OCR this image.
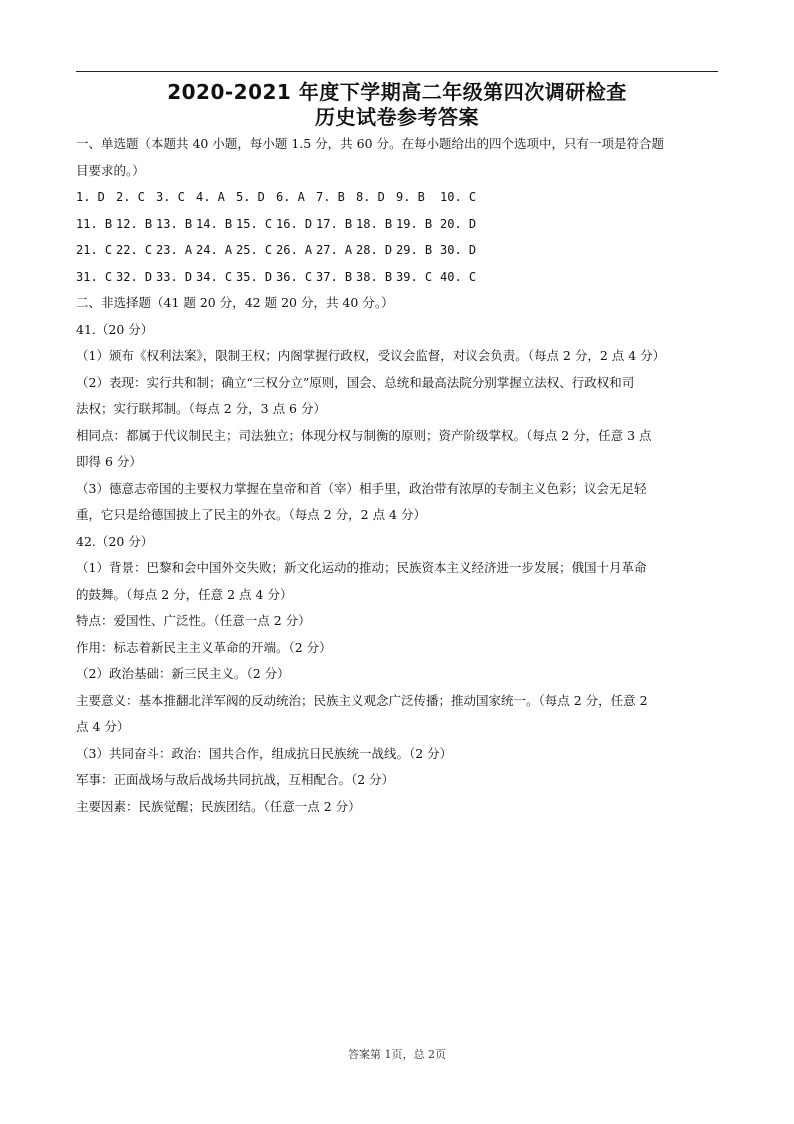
2020-2021 年度下学期高二年级第四次调研检查
历史试卷参考答案
一、单选题（本题共 40 小题，每小题 1.5 分，共 60 分。在每小题给出的四个选项中，只有一项是符合题
目要求的。）
1. D 2. C 3. C 4. A 5. D 6. A 7. B 8. D 9. B	10. C
11. B 12. B 13. B 14. B 15. C 16. D 17. B 18. B 19. B 20. D
21. C 22. C 23. A 24. A 25. C 26. A 27. A 28. D 29. B 30. D
31. C 32. D 33. D 34. C 35. D 36. C 37. B 38. B 39. C 40. C
二、非选择题（41 题 20 分，42 题 20 分，共 40 分。）
41.（20 分）
（1）颁布《权利法案》，限制王权；内阁掌握行政权，受议会监督，对议会负责。（每点 2 分，2 点 4 分）
（2）表现：实行共和制；确立“三权分立”原则，国会、总统和最高法院分别掌握立法权、行政权和司
法权；实行联邦制。（每点 2 分，3 点 6 分）
相同点：都属于代议制民主；司法独立；体现分权与制衡的原则；资产阶级掌权。（每点 2 分，任意 3 点
即得 6 分）
（3）德意志帝国的主要权力掌握在皇帝和首（宰）相手里，政治带有浓厚的专制主义色彩；议会无足轻
重，它只是给德国披上了民主的外衣。（每点 2 分，2 点 4 分）
42.（20 分）
（1）背景：巴黎和会中国外交失败；新文化运动的推动；民族资本主义经济进一步发展；俄国十月革命
的鼓舞。（每点 2 分，任意 2 点 4 分）
特点：爱国性、广泛性。（任意一点 2 分）
作用：标志着新民主主义革命的开端。（2 分）
（2）政治基础：新三民主义。（2 分）
主要意义：基本推翻北洋军阀的反动统治；民族主义观念广泛传播；推动国家统一。（每点 2 分，任意 2
点 4 分）
（3）共同奋斗：政治：国共合作，组成抗日民族统一战线。（2 分）
军事：正面战场与敌后战场共同抗战，互相配合。（2 分）
主要因素：民族觉醒；民族团结。（任意一点 2 分）
答案第 1页，总 2页
